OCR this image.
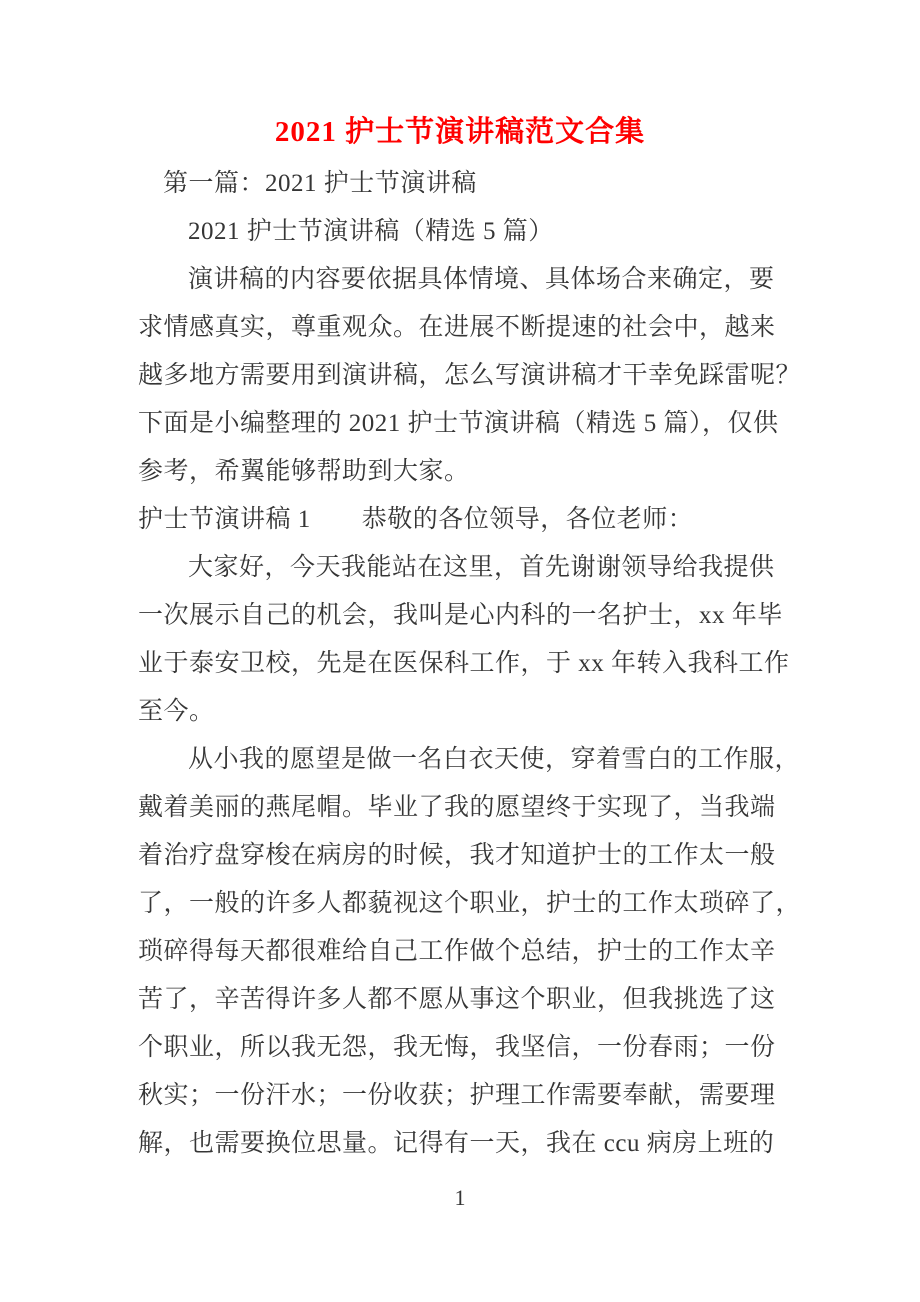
2021 护士节演讲稿范文合集
第一篇：2021 护士节演讲稿
2021 护士节演讲稿（精选 5 篇）
演讲稿的内容要依据具体情境、具体场合来确定，要
求情感真实，尊重观众。在进展不断提速的社会中，越来
越多地方需要用到演讲稿，怎么写演讲稿才干幸免踩雷呢？
下面是小编整理的 2021 护士节演讲稿（精选 5 篇），仅供
参考，希翼能够帮助到大家。
护士节演讲稿 1　　恭敬的各位领导，各位老师：
大家好，今天我能站在这里，首先谢谢领导给我提供
一次展示自己的机会，我叫是心内科的一名护士，xx 年毕
业于泰安卫校，先是在医保科工作，于 xx 年转入我科工作
至今。
从小我的愿望是做一名白衣天使，穿着雪白的工作服，
戴着美丽的燕尾帽。毕业了我的愿望终于实现了，当我端
着治疗盘穿梭在病房的时候，我才知道护士的工作太一般
了，一般的许多人都藐视这个职业，护士的工作太琐碎了，
琐碎得每天都很难给自己工作做个总结，护士的工作太辛
苦了，辛苦得许多人都不愿从事这个职业，但我挑选了这
个职业，所以我无怨，我无悔，我坚信，一份春雨；一份
秋实；一份汗水；一份收获；护理工作需要奉献，需要理
解，也需要换位思量。记得有一天，我在 ccu 病房上班的
1
